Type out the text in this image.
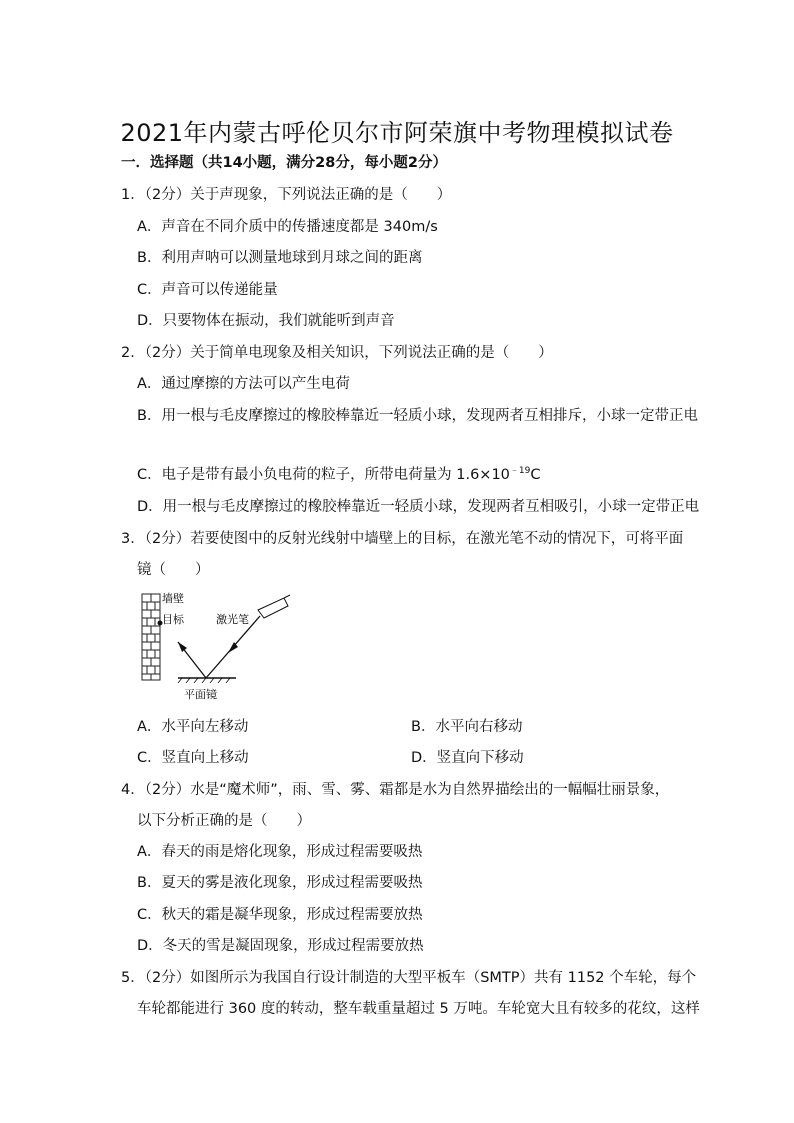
2021年内蒙古呼伦贝尔市阿荣旗中考物理模拟试卷
一．选择题（共14小题，满分28分，每小题2分）
1．（2分）关于声现象，下列说法正确的是（　　）
A．声音在不同介质中的传播速度都是 340m/s
B．利用声呐可以测量地球到月球之间的距离
C．声音可以传递能量
D．只要物体在振动，我们就能听到声音
2．（2分）关于简单电现象及相关知识，下列说法正确的是（　　）
A．通过摩擦的方法可以产生电荷
B．用一根与毛皮摩擦过的橡胶棒靠近一轻质小球，发现两者互相排斥，小球一定带正电
C．电子是带有最小负电荷的粒子，所带电荷量为 $1.6\times 10^{﹣19}C$
D．用一根与毛皮摩擦过的橡胶棒靠近一轻质小球，发现两者互相吸引，小球一定带正电
3．（2分）若要使图中的反射光线射中墙壁上的目标，在激光笔不动的情况下，可将平面
镜（　　）
墙壁
目标	激光笔
平面镜
A．水平向左移动	B．水平向右移动
C．竖直向上移动	D．竖直向下移动
4．（2分）水是“魔术师”，雨、雪、雾、霜都是水为自然界描绘出的一幅幅壮丽景象，
以下分析正确的是（　　）
A．春天的雨是熔化现象，形成过程需要吸热
B．夏天的雾是液化现象，形成过程需要吸热
C．秋天的霜是凝华现象，形成过程需要放热
D．冬天的雪是凝固现象，形成过程需要放热
5．（2分）如图所示为我国自行设计制造的大型平板车（SMTP）共有 1152 个车轮，每个
车轮都能进行 360 度的转动，整车载重量超过 5 万吨。车轮宽大且有较多的花纹，这样
